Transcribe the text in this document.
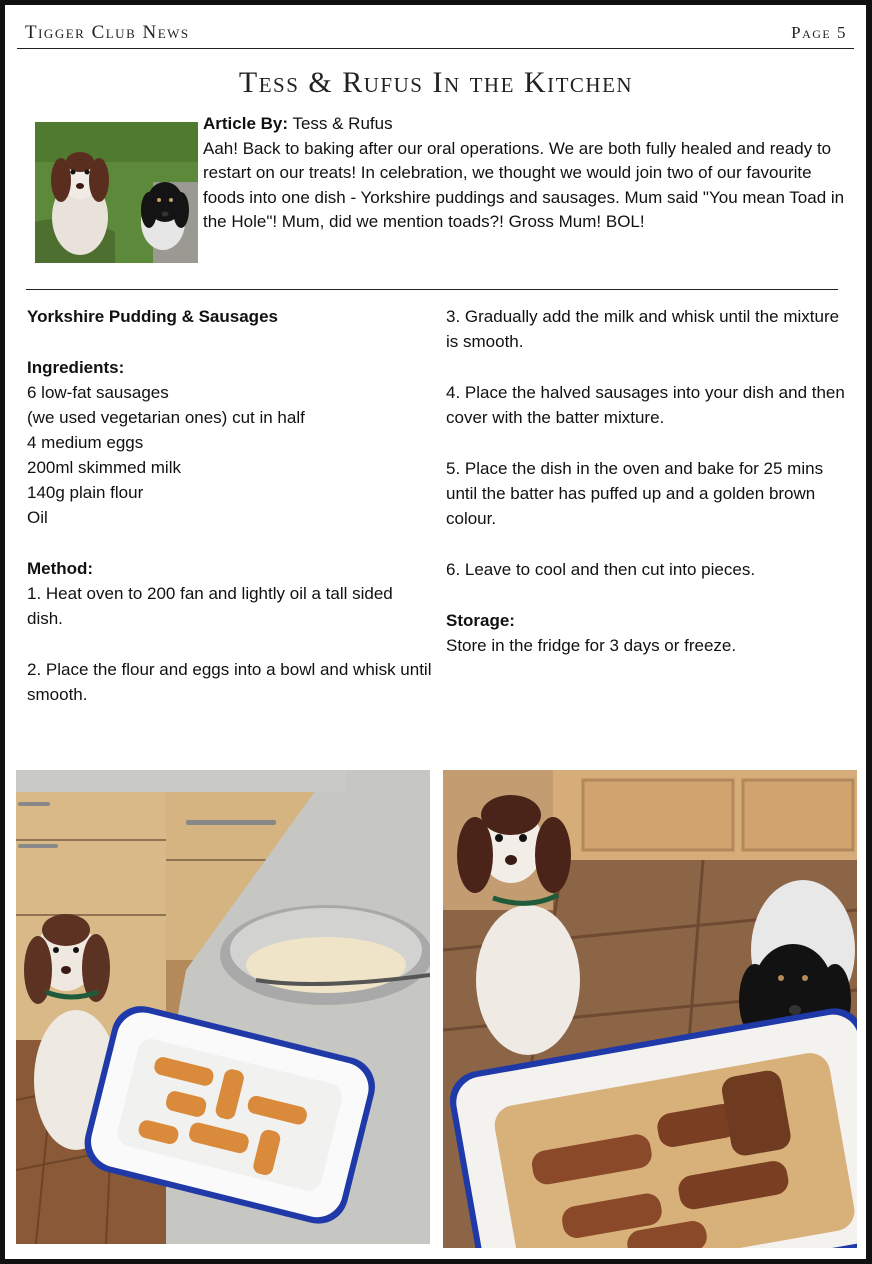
Tigger Club News	Page 5
Tess & Rufus In the Kitchen
Article By: Tess & Rufus
Aah! Back to baking after our oral operations. We are both fully healed and ready to restart on our treats! In celebration, we thought we would join two of our favourite foods into one dish - Yorkshire puddings and sausages. Mum said "You mean Toad in the Hole"! Mum, did we mention toads?! Gross Mum! BOL!

Yorkshire Pudding & Sausages

Ingredients:
6 low-fat sausages
(we used vegetarian ones) cut in half
4 medium eggs
200ml skimmed milk
140g plain flour
Oil

Method:
1. Heat oven to 200 fan and lightly oil a tall sided dish.

2. Place the flour and eggs into a bowl and whisk until smooth.

3. Gradually add the milk and whisk until the mixture is smooth.

4. Place the halved sausages into your dish and then cover with the batter mixture.

5. Place the dish in the oven and bake for 25 mins until the batter has puffed up and a golden brown colour.

6. Leave to cool and then cut into pieces.

Storage:
Store in the fridge for 3 days or freeze.
